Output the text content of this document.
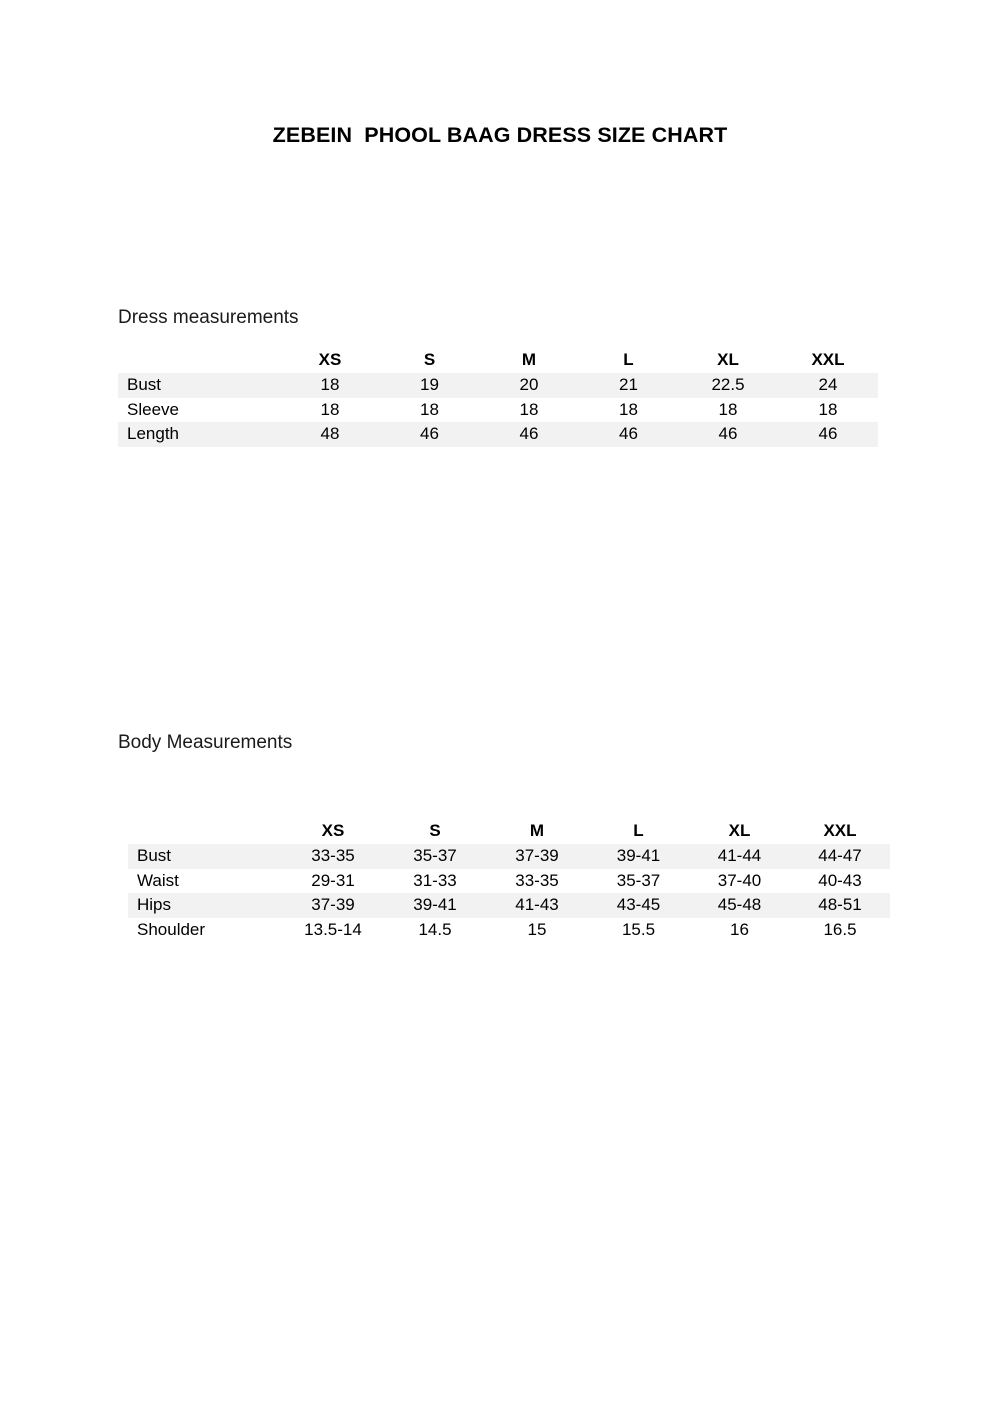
ZEBEIN  PHOOL BAAG DRESS SIZE CHART
Dress measurements
	XS	S	M	L	XL	XXL
Bust	18	19	20	21	22.5	24
Sleeve	18	18	18	18	18	18
Length	48	46	46	46	46	46
Body Measurements
	XS	S	M	L	XL	XXL
Bust	33-35	35-37	37-39	39-41	41-44	44-47
Waist	29-31	31-33	33-35	35-37	37-40	40-43
Hips	37-39	39-41	41-43	43-45	45-48	48-51
Shoulder	13.5-14	14.5	15	15.5	16	16.5
